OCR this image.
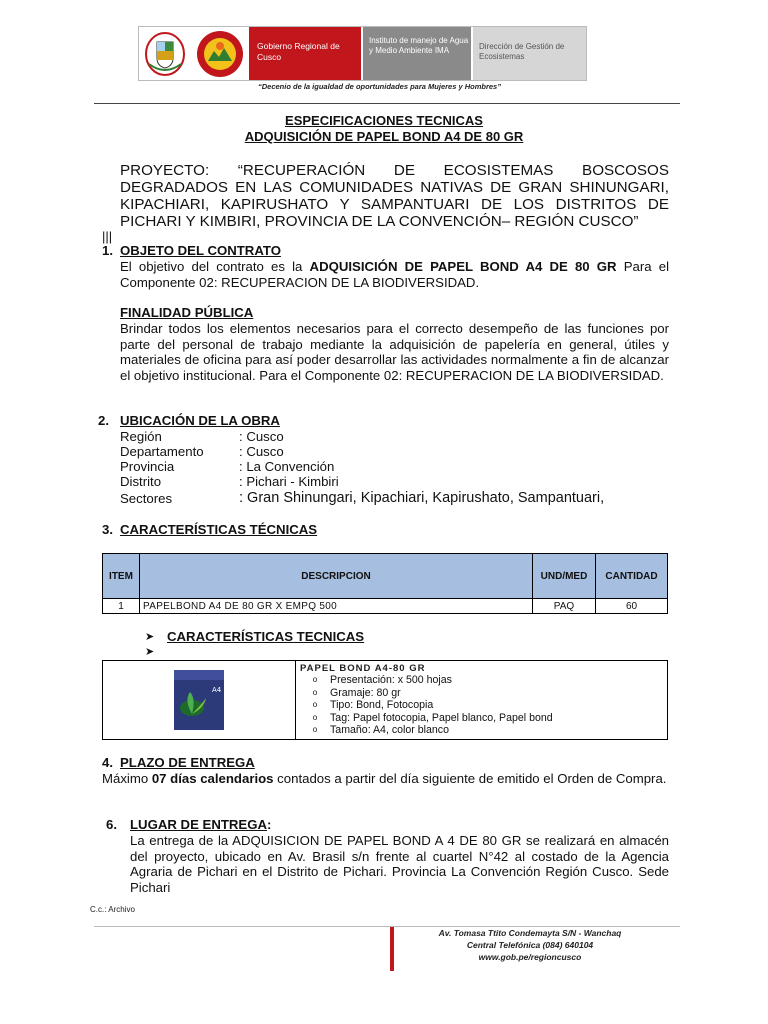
Gobierno Regional de Cusco
Instituto de manejo de Agua y Medio Ambiente IMA	Dirección de Gestión de Ecosistemas
“Decenio de la igualdad de oportunidades para Mujeres y Hombres”
ESPECIFICACIONES TECNICAS
ADQUISICIÓN DE PAPEL BOND A4 DE 80 GR
PROYECTO: “RECUPERACIÓN DE ECOSISTEMAS BOSCOSOS DEGRADADOS EN LAS COMUNIDADES NATIVAS DE GRAN SHINUNGARI, KIPACHIARI, KAPIRUSHATO Y SAMPANTUARI DE LOS DISTRITOS DE PICHARI Y KIMBIRI, PROVINCIA DE LA CONVENCIÓN– REGIÓN CUSCO”
|||
1. OBJETO DEL CONTRATO
El objetivo del contrato es la ADQUISICIÓN DE PAPEL BOND A4 DE 80 GR Para el Componente 02: RECUPERACION DE LA BIODIVERSIDAD.
FINALIDAD PÚBLICA
Brindar todos los elementos necesarios para el correcto desempeño de las funciones por parte del personal de trabajo mediante la adquisición de papelería en general, útiles y materiales de oficina para así poder desarrollar las actividades normalmente a fin de alcanzar el objetivo institucional. Para el Componente 02: RECUPERACION DE LA BIODIVERSIDAD.
2. UBICACIÓN DE LA OBRA
Región	: Cusco
Departamento	: Cusco
Provincia	: La Convención
Distrito	: Pichari - Kimbiri
Sectores	: Gran Shinungari, Kipachiari, Kapirushato, Sampantuari,
3. CARACTERÍSTICAS TÉCNICAS
ITEM	DESCRIPCION	UND/MED	CANTIDAD
1	PAPELBOND A4 DE 80 GR X EMPQ 500	PAQ	60
➤ CARACTERÍSTICAS TECNICAS
➤
A4
PAPEL BOND A4-80 GR
o	Presentación: x 500 hojas
o	Gramaje: 80 gr
o	Tipo: Bond, Fotocopia
o	Tag: Papel fotocopia, Papel blanco, Papel bond
o	Tamaño: A4, color blanco
4. PLAZO DE ENTREGA
Máximo 07 días calendarios contados a partir del día siguiente de emitido el Orden de Compra.
6. LUGAR DE ENTREGA:
La entrega de la ADQUISICION DE PAPEL BOND A 4 DE 80 GR se realizará en almacén del proyecto, ubicado en Av. Brasil s/n frente al cuartel N°42 al costado de la Agencia Agraria de Pichari en el Distrito de Pichari. Provincia La Convención Región Cusco. Sede Pichari
C.c.: Archivo
Av. Tomasa Ttito Condemayta S/N - Wanchaq
Central Telefónica (084) 640104
www.gob.pe/regioncusco
